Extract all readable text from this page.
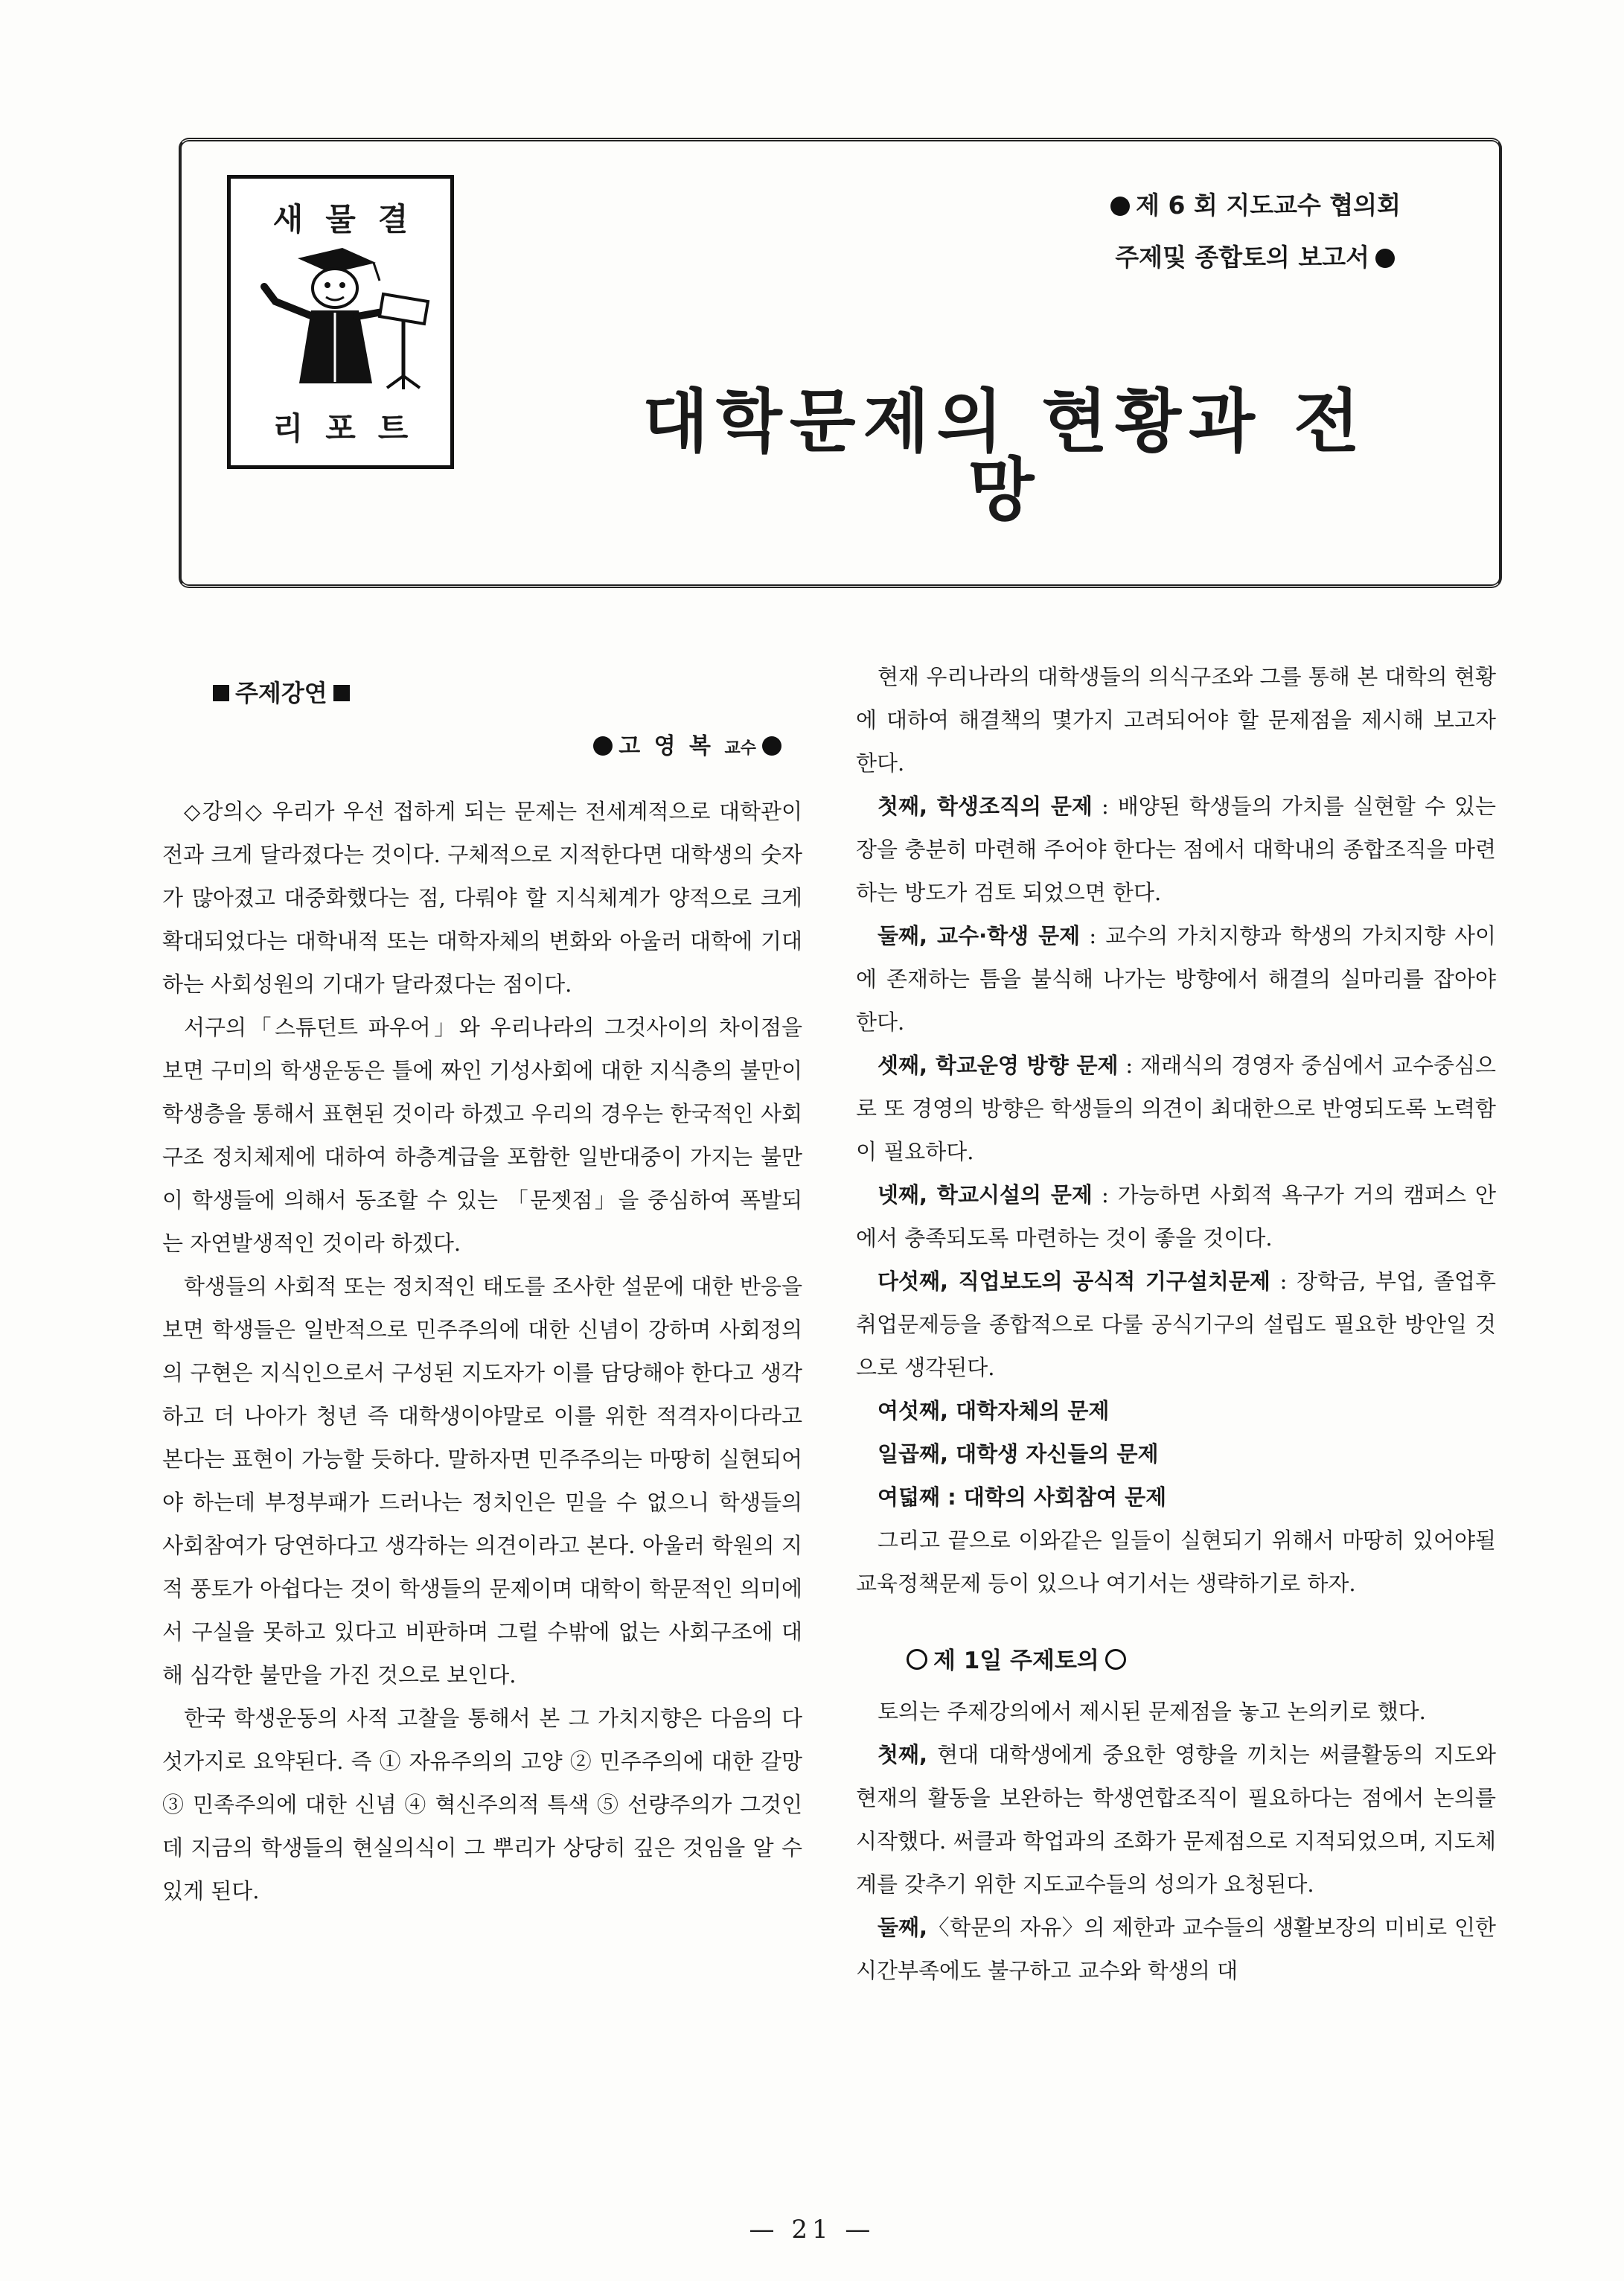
새물결
리포트
제 6 회 지도교수 협의회
주제및 종합토의 보고서
대학문제의 현황과 전망
주제강연
고 영 복 교수

◇강의◇ 우리가 우선 접하게 되는 문제는 전세계적으로 대학관이 전과 크게 달라졌다는 것이다. 구체적으로 지적한다면 대학생의 숫자가 많아졌고 대중화했다는 점, 다뤄야 할 지식체계가 양적으로 크게 확대되었다는 대학내적 또는 대학자체의 변화와 아울러 대학에 기대하는 사회성원의 기대가 달라졌다는 점이다.

서구의「스튜던트 파우어」와 우리나라의 그것사이의 차이점을 보면 구미의 학생운동은 틀에 짜인 기성사회에 대한 지식층의 불만이 학생층을 통해서 표현된 것이라 하겠고 우리의 경우는 한국적인 사회구조 정치체제에 대하여 하층계급을 포함한 일반대중이 가지는 불만이 학생들에 의해서 동조할 수 있는 「문젯점」을 중심하여 폭발되는 자연발생적인 것이라 하겠다.

학생들의 사회적 또는 정치적인 태도를 조사한 설문에 대한 반응을 보면 학생들은 일반적으로 민주주의에 대한 신념이 강하며 사회정의의 구현은 지식인으로서 구성된 지도자가 이를 담당해야 한다고 생각하고 더 나아가 청년 즉 대학생이야말로 이를 위한 적격자이다라고 본다는 표현이 가능할 듯하다. 말하자면 민주주의는 마땅히 실현되어야 하는데 부정부패가 드러나는 정치인은 믿을 수 없으니 학생들의 사회참여가 당연하다고 생각하는 의견이라고 본다. 아울러 학원의 지적 풍토가 아쉽다는 것이 학생들의 문제이며 대학이 학문적인 의미에서 구실을 못하고 있다고 비판하며 그럴 수밖에 없는 사회구조에 대해 심각한 불만을 가진 것으로 보인다.

한국 학생운동의 사적 고찰을 통해서 본 그 가치지향은 다음의 다섯가지로 요약된다. 즉 ① 자유주의의 고양 ② 민주주의에 대한 갈망 ③ 민족주의에 대한 신념 ④ 혁신주의적 특색 ⑤ 선량주의가 그것인데 지금의 학생들의 현실의식이 그 뿌리가 상당히 깊은 것임을 알 수 있게 된다.

현재 우리나라의 대학생들의 의식구조와 그를 통해 본 대학의 현황에 대하여 해결책의 몇가지 고려되어야 할 문제점을 제시해 보고자 한다.

첫째, 학생조직의 문제 : 배양된 학생들의 가치를 실현할 수 있는 장을 충분히 마련해 주어야 한다는 점에서 대학내의 종합조직을 마련하는 방도가 검토 되었으면 한다.

둘째, 교수·학생 문제 : 교수의 가치지향과 학생의 가치지향 사이에 존재하는 틈을 불식해 나가는 방향에서 해결의 실마리를 잡아야 한다.

셋째, 학교운영 방향 문제 : 재래식의 경영자 중심에서 교수중심으로 또 경영의 방향은 학생들의 의견이 최대한으로 반영되도록 노력함이 필요하다.

넷째, 학교시설의 문제 : 가능하면 사회적 욕구가 거의 캠퍼스 안에서 충족되도록 마련하는 것이 좋을 것이다.

다섯째, 직업보도의 공식적 기구설치문제 : 장학금, 부업, 졸업후 취업문제등을 종합적으로 다룰 공식기구의 설립도 필요한 방안일 것으로 생각된다.

여섯째, 대학자체의 문제
일곱째, 대학생 자신들의 문제
여덟째 : 대학의 사회참여 문제

그리고 끝으로 이와같은 일들이 실현되기 위해서 마땅히 있어야될 교육정책문제 등이 있으나 여기서는 생략하기로 하자.

제 1일 주제토의

토의는 주제강의에서 제시된 문제점을 놓고 논의키로 했다.

첫째, 현대 대학생에게 중요한 영향을 끼치는 써클활동의 지도와 현재의 활동을 보완하는 학생연합조직이 필요하다는 점에서 논의를 시작했다. 써클과 학업과의 조화가 문제점으로 지적되었으며, 지도체계를 갖추기 위한 지도교수들의 성의가 요청된다.

둘째,〈학문의 자유〉의 제한과 교수들의 생활보장의 미비로 인한 시간부족에도 불구하고 교수와 학생의 대

— 21 —
